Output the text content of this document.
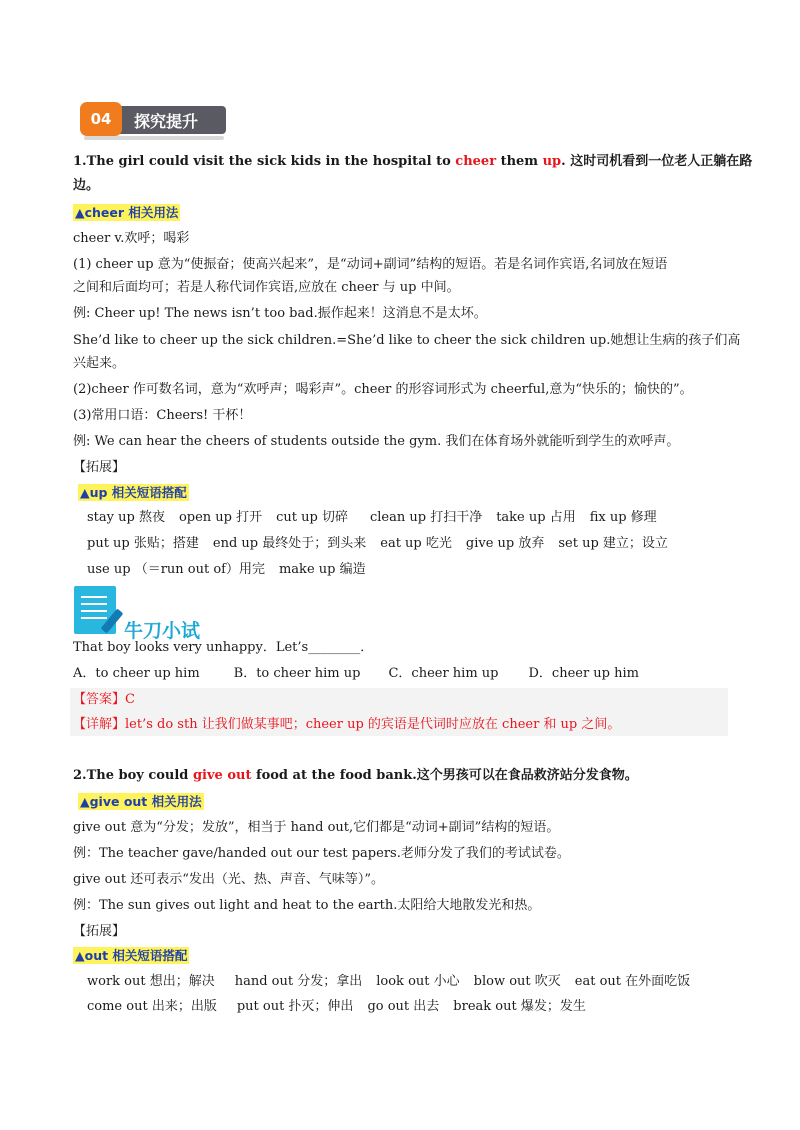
探究提升
04
1.The girl could visit the sick kids in the hospital to cheer them up. 这时司机看到一位老人正躺在路
边。
▲cheer 相关用法
cheer v.欢呼；喝彩
(1) cheer up 意为“使振奋；使高兴起来”，是“动词+副词”结构的短语。若是名词作宾语,名词放在短语
之间和后面均可；若是人称代词作宾语,应放在 cheer 与 up 中间。
例: Cheer up! The news isn’t too bad.振作起来！这消息不是太坏。
She’d like to cheer up the sick children.=She’d like to cheer the sick children up.她想让生病的孩子们高
兴起来。
(2)cheer 作可数名词，意为“欢呼声；喝彩声”。cheer 的形容词形式为 cheerful,意为“快乐的；愉快的”。
(3)常用口语：Cheers! 干杯！
例: We can hear the cheers of students outside the gym. 我们在体育场外就能听到学生的欢呼声。
【拓展】
▲up 相关短语搭配
stay up 熬夜 open up 打开 cut up 切碎 clean up 打扫干净 take up 占用 fix up 修理
put up 张贴；搭建 end up 最终处于；到头来 eat up 吃光 give up 放弃 set up 建立；设立
use up （＝run out of）用完 make up 编造
牛刀小试
That boy looks very unhappy．Let’s________．
A．to cheer up him	B．to cheer him up C．cheer him up D．cheer up him
【答案】C
【详解】let’s do sth 让我们做某事吧；cheer up 的宾语是代词时应放在 cheer 和 up 之间。
2.The boy could give out food at the food bank.这个男孩可以在食品救济站分发食物。
▲give out 相关用法
give out 意为“分发；发放”，相当于 hand out,它们都是“动词+副词”结构的短语。
例：The teacher gave/handed out our test papers.老师分发了我们的考试试卷。
give out 还可表示“发出（光、热、声音、气味等）”。
例：The sun gives out light and heat to the earth.太阳给大地散发光和热。
【拓展】
▲out 相关短语搭配
work out 想出；解决 hand out 分发；拿出 look out 小心 blow out 吹灭 eat out 在外面吃饭
come out 出来；出版 put out 扑灭；伸出 go out 出去 break out 爆发；发生
